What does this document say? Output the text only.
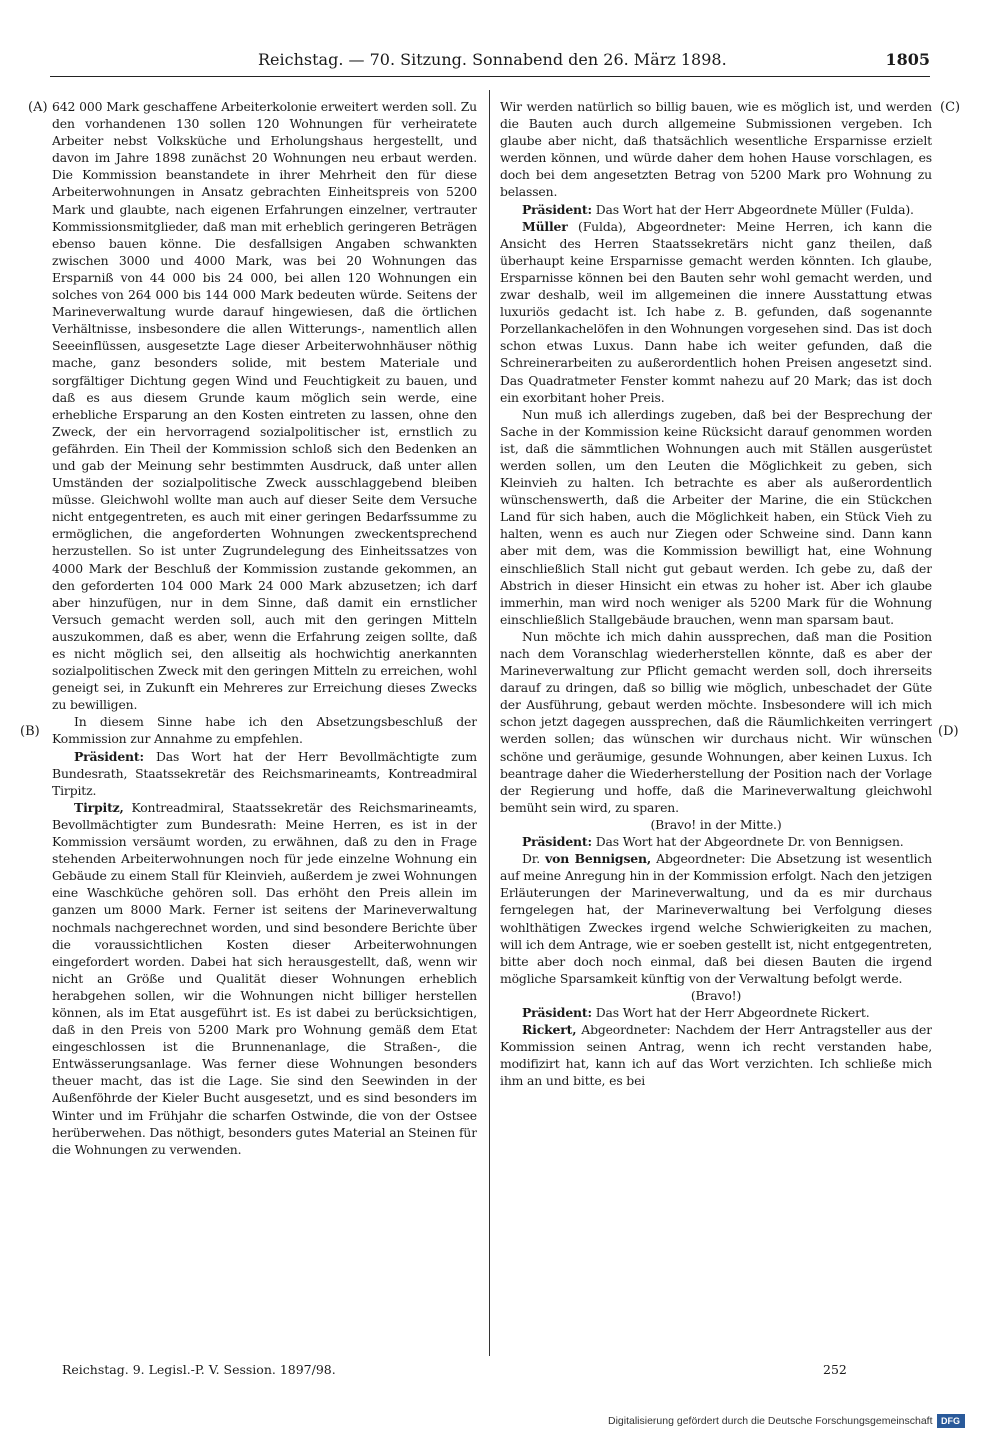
Reichstag. — 70. Sitzung. Sonnabend den 26. März 1898.	1805
(A)
(B)
(C)
(D)

642 000 Mark geschaffene Arbeiterkolonie erweitert werden soll. Zu den vorhandenen 130 sollen 120 Wohnungen für verheiratete Arbeiter nebst Volksküche und Erholungshaus hergestellt, und davon im Jahre 1898 zunächst 20 Wohnungen neu erbaut werden. Die Kommission beanstandete in ihrer Mehrheit den für diese Arbeiterwohnungen in Ansatz gebrachten Einheitspreis von 5200 Mark und glaubte, nach eigenen Erfahrungen einzelner, vertrauter Kommissionsmitglieder, daß man mit erheblich geringeren Beträgen ebenso bauen könne. Die desfallsigen Angaben schwankten zwischen 3000 und 4000 Mark, was bei 20 Wohnungen das Ersparniß von 44 000 bis 24 000, bei allen 120 Wohnungen ein solches von 264 000 bis 144 000 Mark bedeuten würde. Seitens der Marineverwaltung wurde darauf hingewiesen, daß die örtlichen Verhältnisse, insbesondere die allen Witterungs-, namentlich allen Seeeinflüssen, ausgesetzte Lage dieser Arbeiterwohnhäuser nöthig mache, ganz besonders solide, mit bestem Materiale und sorgfältiger Dichtung gegen Wind und Feuchtigkeit zu bauen, und daß es aus diesem Grunde kaum möglich sein werde, eine erhebliche Ersparung an den Kosten eintreten zu lassen, ohne den Zweck, der ein hervorragend sozialpolitischer ist, ernstlich zu gefährden. Ein Theil der Kommission schloß sich den Bedenken an und gab der Meinung sehr bestimmten Ausdruck, daß unter allen Umständen der sozialpolitische Zweck ausschlaggebend bleiben müsse. Gleichwohl wollte man auch auf dieser Seite dem Versuche nicht entgegentreten, es auch mit einer geringen Bedarfssumme zu ermöglichen, die angeforderten Wohnungen zweckentsprechend herzustellen. So ist unter Zugrundelegung des Einheitssatzes von 4000 Mark der Beschluß der Kommission zustande gekommen, an den geforderten 104 000 Mark 24 000 Mark abzusetzen; ich darf aber hinzufügen, nur in dem Sinne, daß damit ein ernstlicher Versuch gemacht werden soll, auch mit den geringen Mitteln auszukommen, daß es aber, wenn die Erfahrung zeigen sollte, daß es nicht möglich sei, den allseitig als hochwichtig anerkannten sozialpolitischen Zweck mit den geringen Mitteln zu erreichen, wohl geneigt sei, in Zukunft ein Mehreres zur Erreichung dieses Zwecks zu bewilligen.

In diesem Sinne habe ich den Absetzungsbeschluß der Kommission zur Annahme zu empfehlen.

Präsident: Das Wort hat der Herr Bevollmächtigte zum Bundesrath, Staatssekretär des Reichsmarineamts, Kontreadmiral Tirpitz.

Tirpitz, Kontreadmiral, Staatssekretär des Reichsmarineamts, Bevollmächtigter zum Bundesrath: Meine Herren, es ist in der Kommission versäumt worden, zu erwähnen, daß zu den in Frage stehenden Arbeiterwohnungen noch für jede einzelne Wohnung ein Gebäude zu einem Stall für Kleinvieh, außerdem je zwei Wohnungen eine Waschküche gehören soll. Das erhöht den Preis allein im ganzen um 8000 Mark. Ferner ist seitens der Marineverwaltung nochmals nachgerechnet worden, und sind besondere Berichte über die voraussichtlichen Kosten dieser Arbeiterwohnungen eingefordert worden. Dabei hat sich herausgestellt, daß, wenn wir nicht an Größe und Qualität dieser Wohnungen erheblich herabgehen sollen, wir die Wohnungen nicht billiger herstellen können, als im Etat ausgeführt ist. Es ist dabei zu berücksichtigen, daß in den Preis von 5200 Mark pro Wohnung gemäß dem Etat eingeschlossen ist die Brunnenanlage, die Straßen-, die Entwässerungsanlage. Was ferner diese Wohnungen besonders theuer macht, das ist die Lage. Sie sind den Seewinden in der Außenföhrde der Kieler Bucht ausgesetzt, und es sind besonders im Winter und im Frühjahr die scharfen Ostwinde, die von der Ostsee herüberwehen. Das nöthigt, besonders gutes Material an Steinen für die Wohnungen zu verwenden.

Wir werden natürlich so billig bauen, wie es möglich ist, und werden die Bauten auch durch allgemeine Submissionen vergeben. Ich glaube aber nicht, daß thatsächlich wesentliche Ersparnisse erzielt werden können, und würde daher dem hohen Hause vorschlagen, es doch bei dem angesetzten Betrag von 5200 Mark pro Wohnung zu belassen.

Präsident: Das Wort hat der Herr Abgeordnete Müller (Fulda).

Müller (Fulda), Abgeordneter: Meine Herren, ich kann die Ansicht des Herren Staatssekretärs nicht ganz theilen, daß überhaupt keine Ersparnisse gemacht werden könnten. Ich glaube, Ersparnisse können bei den Bauten sehr wohl gemacht werden, und zwar deshalb, weil im allgemeinen die innere Ausstattung etwas luxuriös gedacht ist. Ich habe z. B. gefunden, daß sogenannte Porzellankachelöfen in den Wohnungen vorgesehen sind. Das ist doch schon etwas Luxus. Dann habe ich weiter gefunden, daß die Schreinerarbeiten zu außerordentlich hohen Preisen angesetzt sind. Das Quadratmeter Fenster kommt nahezu auf 20 Mark; das ist doch ein exorbitant hoher Preis.

Nun muß ich allerdings zugeben, daß bei der Besprechung der Sache in der Kommission keine Rücksicht darauf genommen worden ist, daß die sämmtlichen Wohnungen auch mit Ställen ausgerüstet werden sollen, um den Leuten die Möglichkeit zu geben, sich Kleinvieh zu halten. Ich betrachte es aber als außerordentlich wünschenswerth, daß die Arbeiter der Marine, die ein Stückchen Land für sich haben, auch die Möglichkeit haben, ein Stück Vieh zu halten, wenn es auch nur Ziegen oder Schweine sind. Dann kann aber mit dem, was die Kommission bewilligt hat, eine Wohnung einschließlich Stall nicht gut gebaut werden. Ich gebe zu, daß der Abstrich in dieser Hinsicht ein etwas zu hoher ist. Aber ich glaube immerhin, man wird noch weniger als 5200 Mark für die Wohnung einschließlich Stallgebäude brauchen, wenn man sparsam baut.

Nun möchte ich mich dahin aussprechen, daß man die Position nach dem Voranschlag wiederherstellen könnte, daß es aber der Marineverwaltung zur Pflicht gemacht werden soll, doch ihrerseits darauf zu dringen, daß so billig wie möglich, unbeschadet der Güte der Ausführung, gebaut werden möchte. Insbesondere will ich mich schon jetzt dagegen aussprechen, daß die Räumlichkeiten verringert werden sollen; das wünschen wir durchaus nicht. Wir wünschen schöne und geräumige, gesunde Wohnungen, aber keinen Luxus. Ich beantrage daher die Wiederherstellung der Position nach der Vorlage der Regierung und hoffe, daß die Marineverwaltung gleichwohl bemüht sein wird, zu sparen.

(Bravo! in der Mitte.)

Präsident: Das Wort hat der Abgeordnete Dr. von Bennigsen.

Dr. von Bennigsen, Abgeordneter: Die Absetzung ist wesentlich auf meine Anregung hin in der Kommission erfolgt. Nach den jetzigen Erläuterungen der Marineverwaltung, und da es mir durchaus ferngelegen hat, der Marineverwaltung bei Verfolgung dieses wohlthätigen Zweckes irgend welche Schwierigkeiten zu machen, will ich dem Antrage, wie er soeben gestellt ist, nicht entgegentreten, bitte aber doch noch einmal, daß bei diesen Bauten die irgend mögliche Sparsamkeit künftig von der Verwaltung befolgt werde.

(Bravo!)

Präsident: Das Wort hat der Herr Abgeordnete Rickert.

Rickert, Abgeordneter: Nachdem der Herr Antragsteller aus der Kommission seinen Antrag, wenn ich recht verstanden habe, modifizirt hat, kann ich auf das Wort verzichten. Ich schließe mich ihm an und bitte, es bei

Reichstag. 9. Legisl.-P. V. Session. 1897/98.	252
Digitalisierung gefördert durch die Deutsche Forschungsgemeinschaft DFG
